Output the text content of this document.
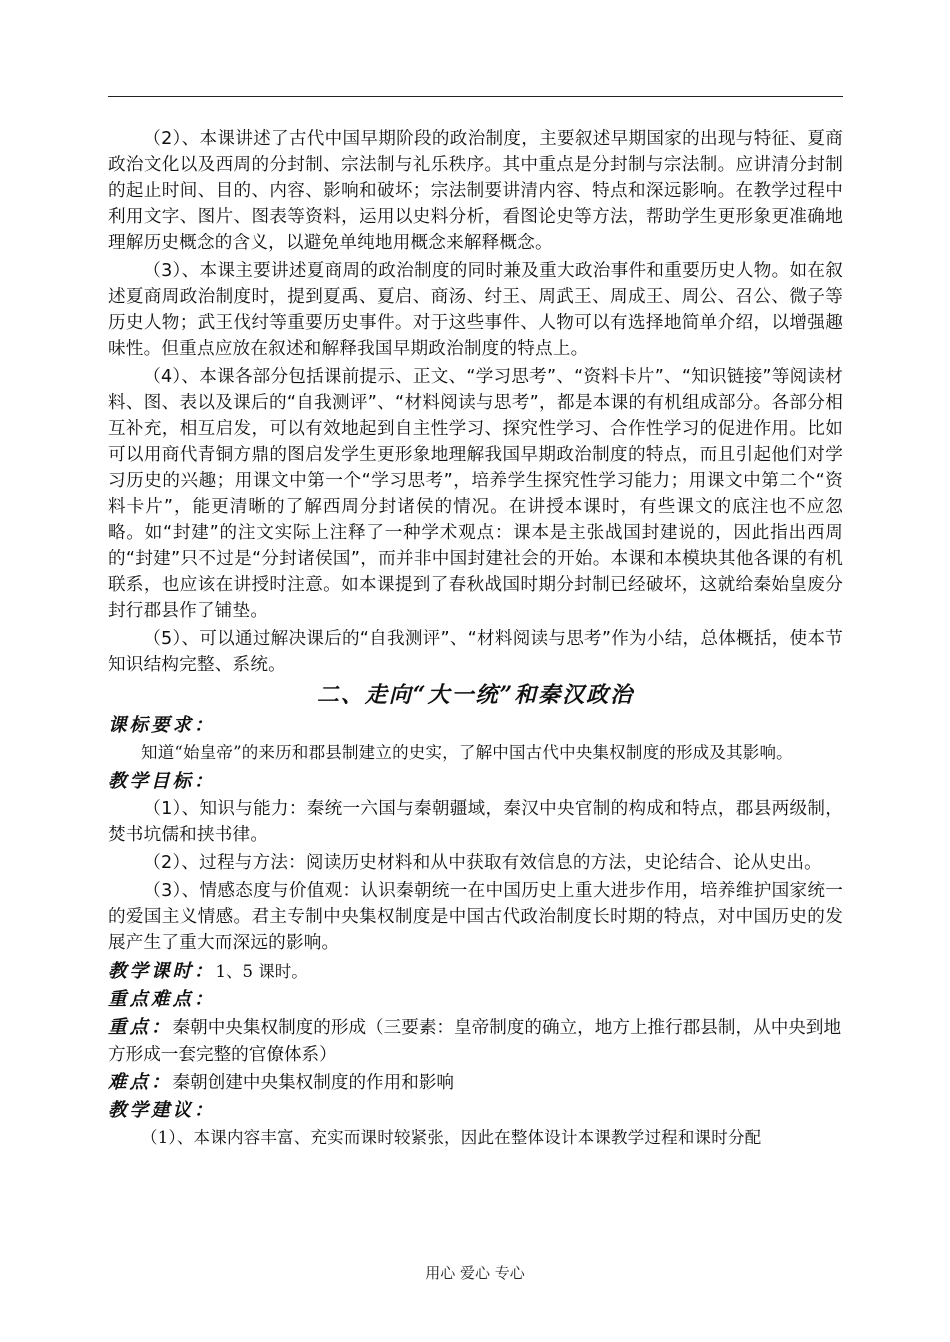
（2）、本课讲述了古代中国早期阶段的政治制度，主要叙述早期国家的出现与特征、夏商政治文化以及西周的分封制、宗法制与礼乐秩序。其中重点是分封制与宗法制。应讲清分封制的起止时间、目的、内容、影响和破坏；宗法制要讲清内容、特点和深远影响。在教学过程中利用文字、图片、图表等资料，运用以史料分析，看图论史等方法，帮助学生更形象更准确地理解历史概念的含义，以避免单纯地用概念来解释概念。

（3）、本课主要讲述夏商周的政治制度的同时兼及重大政治事件和重要历史人物。如在叙述夏商周政治制度时，提到夏禹、夏启、商汤、纣王、周武王、周成王、周公、召公、微子等历史人物；武王伐纣等重要历史事件。对于这些事件、人物可以有选择地简单介绍，以增强趣味性。但重点应放在叙述和解释我国早期政治制度的特点上。

（4）、本课各部分包括课前提示、正文、“学习思考”、“资料卡片”、“知识链接”等阅读材料、图、表以及课后的“自我测评”、“材料阅读与思考”，都是本课的有机组成部分。各部分相互补充，相互启发，可以有效地起到自主性学习、探究性学习、合作性学习的促进作用。比如可以用商代青铜方鼎的图启发学生更形象地理解我国早期政治制度的特点，而且引起他们对学习历史的兴趣；用课文中第一个“学习思考”，培养学生探究性学习能力；用课文中第二个“资料卡片”，能更清晰的了解西周分封诸侯的情况。在讲授本课时，有些课文的底注也不应忽略。如“封建”的注文实际上注释了一种学术观点：课本是主张战国封建说的，因此指出西周的“封建”只不过是“分封诸侯国”，而并非中国封建社会的开始。本课和本模块其他各课的有机联系，也应该在讲授时注意。如本课提到了春秋战国时期分封制已经破坏，这就给秦始皇废分封行郡县作了铺垫。

（5）、可以通过解决课后的“自我测评”、“材料阅读与思考”作为小结，总体概括，使本节知识结构完整、系统。

二、走向“大一统”和秦汉政治
课标要求：

知道“始皇帝”的来历和郡县制建立的史实，了解中国古代中央集权制度的形成及其影响。

教学目标：

（1）、知识与能力：秦统一六国与秦朝疆域，秦汉中央官制的构成和特点，郡县两级制，焚书坑儒和挟书律。

（2）、过程与方法：阅读历史材料和从中获取有效信息的方法，史论结合、论从史出。

（3）、情感态度与价值观：认识秦朝统一在中国历史上重大进步作用，培养维护国家统一的爱国主义情感。君主专制中央集权制度是中国古代政治制度长时期的特点，对中国历史的发展产生了重大而深远的影响。

教学课时：1、5 课时。
重点难点：
重点：秦朝中央集权制度的形成（三要素：皇帝制度的确立，地方上推行郡县制，从中央到地方形成一套完整的官僚体系）
难点：秦朝创建中央集权制度的作用和影响
教学建议：

（1）、本课内容丰富、充实而课时较紧张，因此在整体设计本课教学过程和课时分配

用心 爱心 专心
